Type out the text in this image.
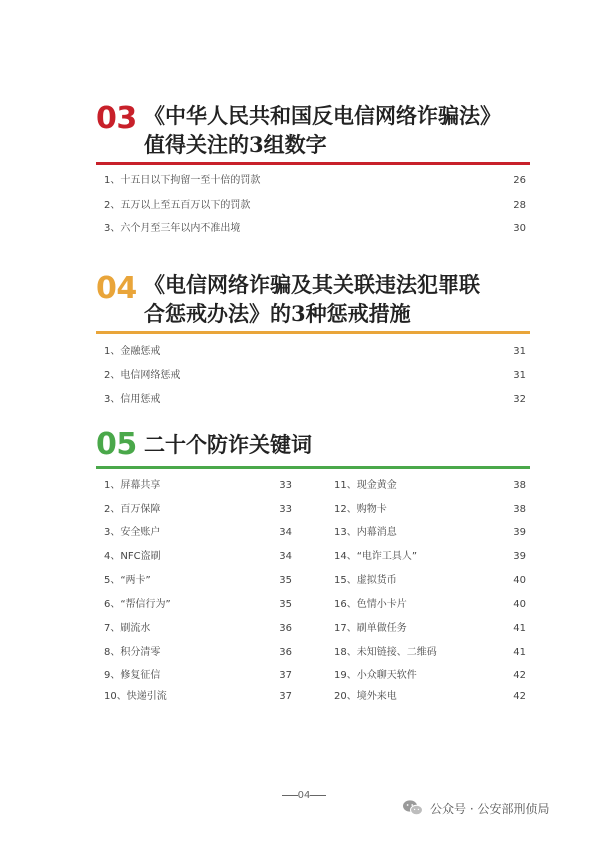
03 《中华人民共和国反电信网络诈骗法》
值得关注的3组数字
1、十五日以下拘留一至十倍的罚款	26
2、五万以上至五百万以下的罚款	28
3、六个月至三年以内不准出境	30
04 《电信网络诈骗及其关联违法犯罪联
合惩戒办法》的3种惩戒措施
1、金融惩戒	31
2、电信网络惩戒	31
3、信用惩戒	32
05 二十个防诈关键词
1、屏幕共享	33
2、百万保障	33
3、安全账户	34
4、NFC盗刷	34
5、“两卡”	35
6、“帮信行为”	35
7、刷流水	36
8、积分清零	36
9、修复征信	37
10、快递引流	37
11、现金黄金	38
12、购物卡	38
13、内幕消息	39
14、“电诈工具人”	39
15、虚拟货币	40
16、色情小卡片	40
17、刷单做任务	41
18、未知链接、二维码	41
19、小众聊天软件	42
20、境外来电	42
04
公众号 · 公安部刑侦局
